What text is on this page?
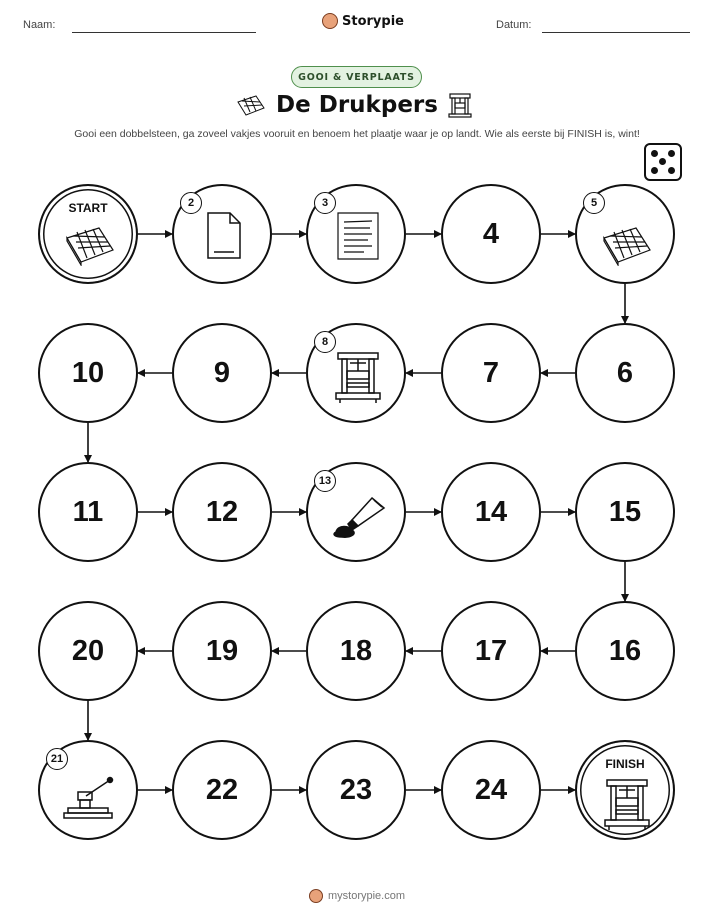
Naam:	Storypie	Datum:
GOOI & VERPLAATS
De Drukpers
Gooi een dobbelsteen, ga zoveel vakjes vooruit en benoem het plaatje waar je op landt. Wie als eerste bij FINISH is, wint!
START	2	3
4
5
6
7
8
9
10
11	12
13
14	15
16
17
18
19
20
21
22	23	24
FINISH
mystorypie.com
